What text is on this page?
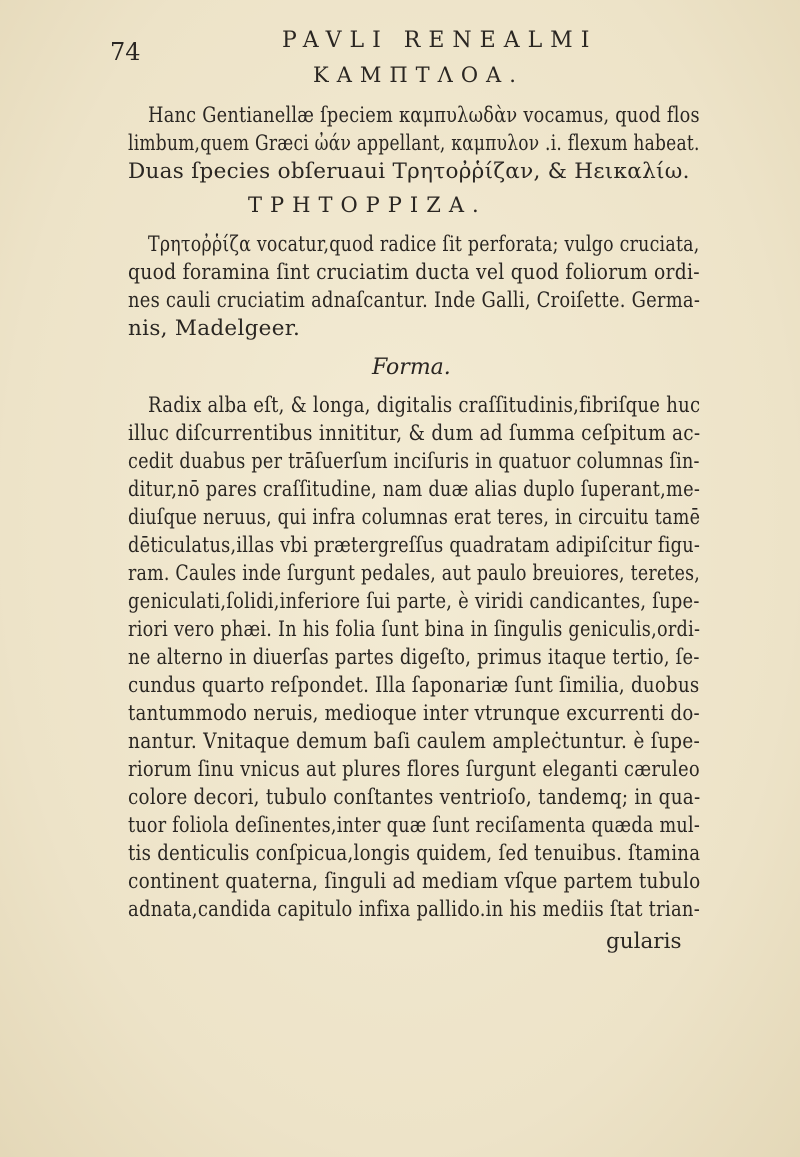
74	PAVLI RENEALMI
ΚΑΜΠΤΛΟΑ.
Hanc Gentianellæ ſpeciem καμπυλωδὰν vocamus, quod flos
limbum,quem Græci ὠάν appellant, καμπυλον .i. flexum habeat.
Duas ſpecies obſeruaui Τρητοῤῥίζαν, & Ηεικαλίω.
ΤΡΗΤΟΡΡΙΖΑ.
Τρητοῤῥίζα vocatur,quod radice ſit perforata; vulgo cruciata,
quod foramina ſint cruciatim ducta vel quod foliorum ordi-
nes cauli cruciatim adnaſcantur. Inde Galli, Croiſette. Germa-
nis, Madelgeer.
Forma.
Radix alba eſt, & longa, digitalis craſſitudinis,fibriſque huc
illuc diſcurrentibus innititur, & dum ad ſumma ceſpitum ac-
cedit duabus per trāſuerſum inciſuris in quatuor columnas ſin-
ditur,nō pares craſſitudine, nam duæ alias duplo ſuperant,me-
diuſque neruus, qui infra columnas erat teres, in circuitu tamē
dēticulatus,illas vbi prætergreſſus quadratam adipiſcitur figu-
ram. Caules inde ſurgunt pedales, aut paulo breuiores, teretes,
geniculati,ſolidi,inferiore ſui parte, è viridi candicantes, ſupe-
riori vero phæi. In his folia ſunt bina in ſingulis geniculis,ordi-
ne alterno in diuerſas partes digeſto, primus itaque tertio, ſe-
cundus quarto reſpondet. Illa ſaponariæ ſunt ſimilia, duobus
tantummodo neruis, medioque inter vtrunque excurrenti do-
nantur. Vnitaque demum baſi caulem ampleċtuntur. è ſupe-
riorum ſinu vnicus aut plures flores ſurgunt eleganti cæruleo
colore decori, tubulo conſtantes ventrioſo, tandemq; in qua-
tuor foliola deſinentes,inter quæ ſunt reciſamenta quæda mul-
tis denticulis conſpicua,longis quidem, ſed tenuibus. ſtamina
continent quaterna, ſinguli ad mediam vſque partem tubulo
adnata,candida capitulo infixa pallido.in his mediis ſtat trian-
gularis
